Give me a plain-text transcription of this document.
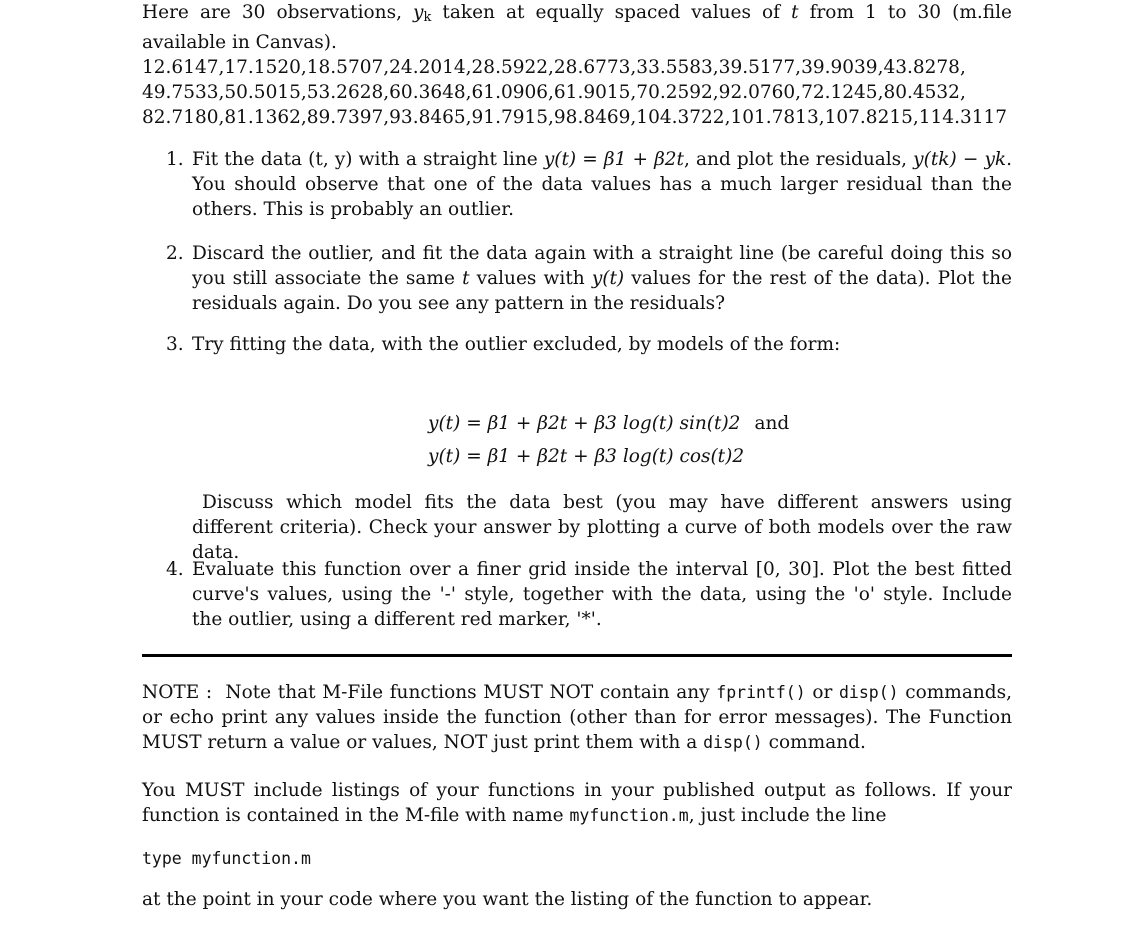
Here are 30 observations, $y_k$ taken at equally spaced values of t from 1 to 30 (m.file available in Canvas).
12.6147,17.1520,18.5707,24.2014,28.5922,28.6773,33.5583,39.5177,39.9039,43.8278,
49.7533,50.5015,53.2628,60.3648,61.0906,61.9015,70.2592,92.0760,72.1245,80.4532,
82.7180,81.1362,89.7397,93.8465,91.7915,98.8469,104.3722,101.7813,107.8215,114.3117
1. Fit the data (t, y) with a straight line y(t) = β1 + β2t, and plot the residuals, y(tk) − yk. You should observe that one of the data values has a much larger residual than the others. This is probably an outlier.
2. Discard the outlier, and fit the data again with a straight line (be careful doing this so you still associate the same t values with y(t) values for the rest of the data). Plot the residuals again. Do you see any pattern in the residuals?
3. Try fitting the data, with the outlier excluded, by models of the form:
y(t) = β1 + β2t + β3 log(t) sin(t)2 and
y(t) = β1 + β2t + β3 log(t) cos(t)2
Discuss which model fits the data best (you may have different answers using different criteria). Check your answer by plotting a curve of both models over the raw data.
4. Evaluate this function over a finer grid inside the interval [0, 30]. Plot the best fitted curve's values, using the '-' style, together with the data, using the 'o' style. Include the outlier, using a different red marker, '*'.
NOTE : Note that M-File functions MUST NOT contain any fprintf() or disp() commands, or echo print any values inside the function (other than for error messages). The Function MUST return a value or values, NOT just print them with a disp() command.
You MUST include listings of your functions in your published output as follows. If your function is contained in the M-file with name myfunction.m, just include the line
type myfunction.m
at the point in your code where you want the listing of the function to appear.
